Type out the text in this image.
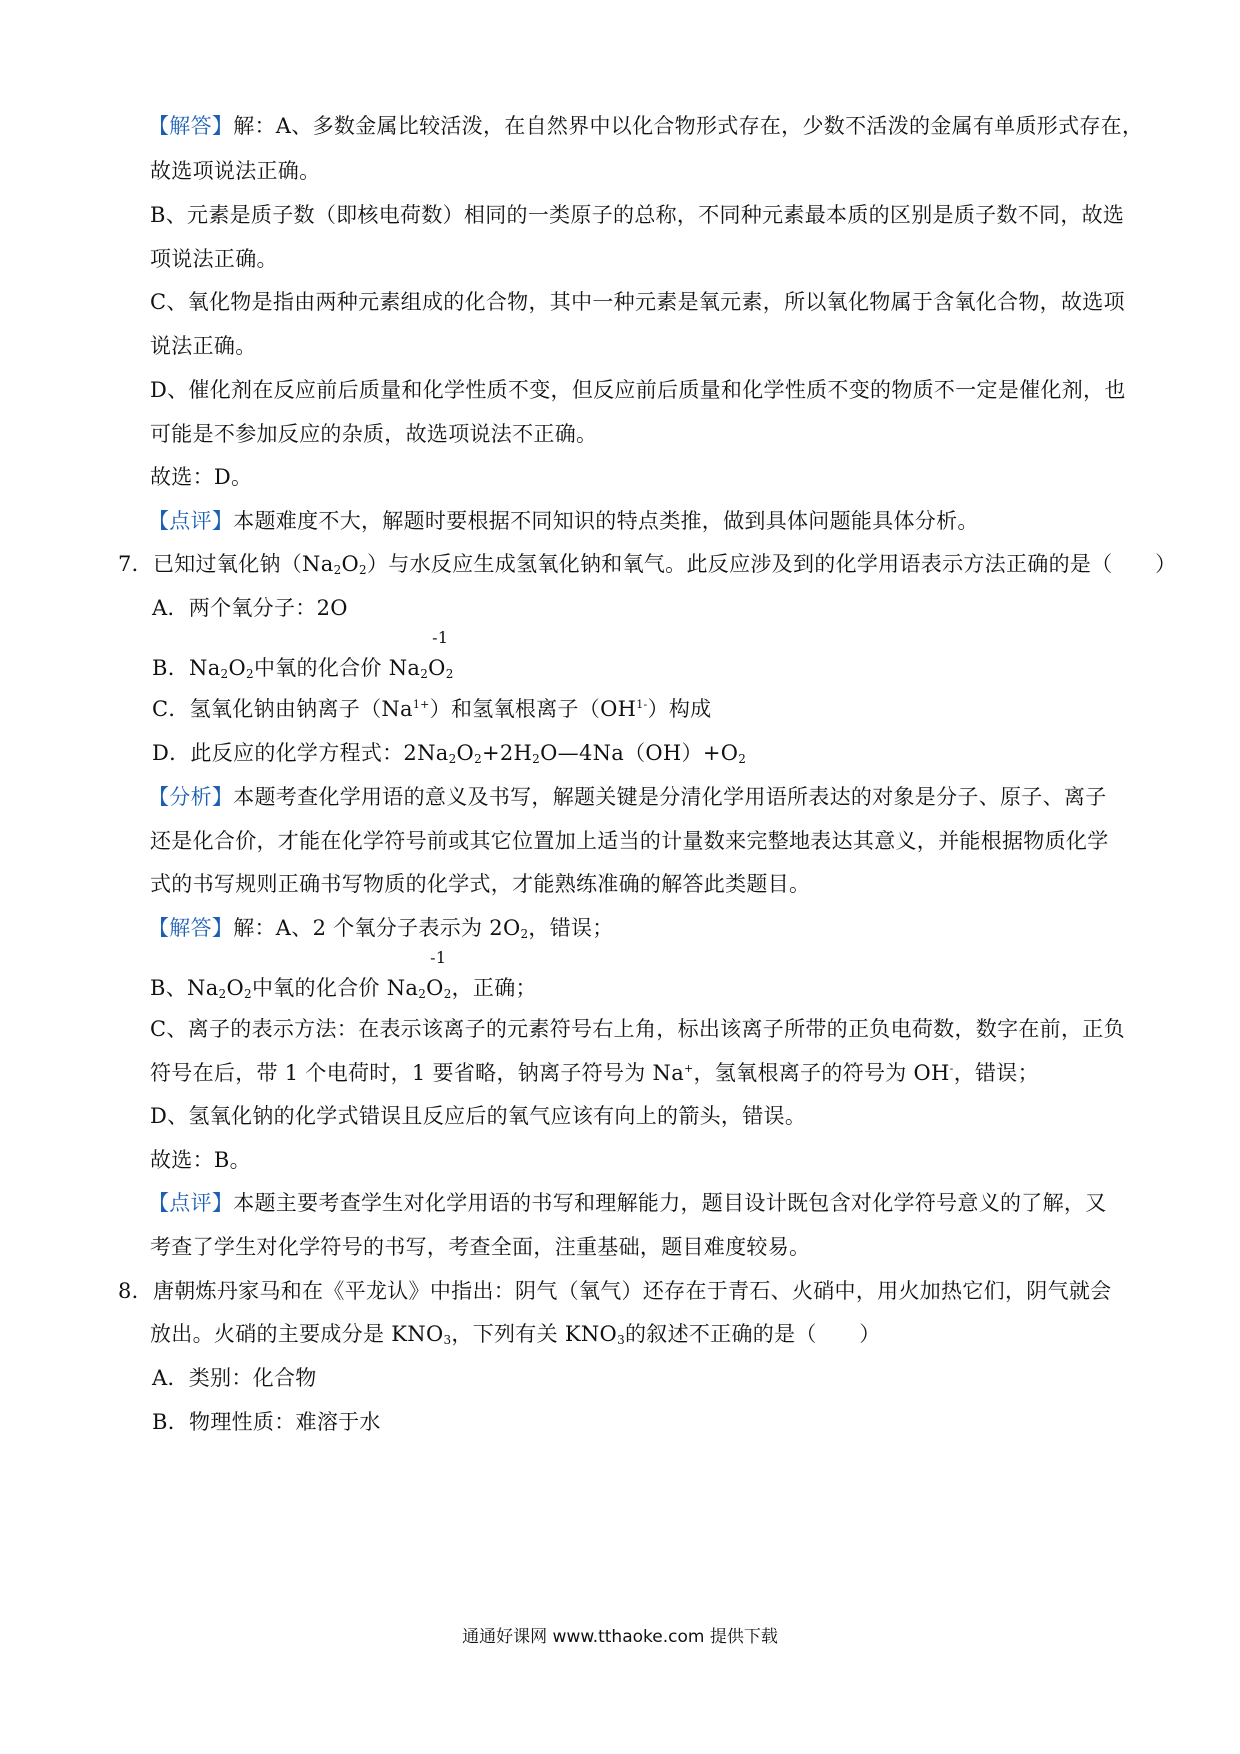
【解答】解：A、多数金属比较活泼，在自然界中以化合物形式存在，少数不活泼的金属有单质形式存在，
故选项说法正确。
B、元素是质子数（即核电荷数）相同的一类原子的总称，不同种元素最本质的区别是质子数不同，故选
项说法正确。
C、氧化物是指由两种元素组成的化合物，其中一种元素是氧元素，所以氧化物属于含氧化合物，故选项
说法正确。
D、催化剂在反应前后质量和化学性质不变，但反应前后质量和化学性质不变的物质不一定是催化剂，也
可能是不参加反应的杂质，故选项说法不正确。
故选：D。
【点评】本题难度不大，解题时要根据不同知识的特点类推，做到具体问题能具体分析。
7．已知过氧化钠$(Na_2O_2)$与水反应生成氢氧化钠和氧气。此反应涉及到的化学用语表示方法正确的是（　　）
A．两个氧分子：2O
B．$Na_2O_2$中氧的化合价 $Na_2$
-1
$O_2$
C．氢氧化钠由钠离子$(Na^{1+})$和氢氧根离子$(OH^{1-})$构成
D．此反应的化学方程式：$2Na_2O_2+2H_2O—4Na(OH)+O_2$
【分析】本题考查化学用语的意义及书写，解题关键是分清化学用语所表达的对象是分子、原子、离子
还是化合价，才能在化学符号前或其它位置加上适当的计量数来完整地表达其意义，并能根据物质化学
式的书写规则正确书写物质的化学式，才能熟练准确的解答此类题目。
【解答】解：A、2 个氧分子表示为 $2O_2$，错误；
B、$Na_2O_2$中氧的化合价 $Na_2$
-1
$O_2$，正确；
C、离子的表示方法：在表示该离子的元素符号右上角，标出该离子所带的正负电荷数，数字在前，正负
符号在后，带 1 个电荷时，1 要省略，钠离子符号为 Na+，氢氧根离子的符号为 OH-，错误；
D、氢氧化钠的化学式错误且反应后的氧气应该有向上的箭头，错误。
故选：B。
【点评】本题主要考查学生对化学用语的书写和理解能力，题目设计既包含对化学符号意义的了解，又
考查了学生对化学符号的书写，考查全面，注重基础，题目难度较易。
8．唐朝炼丹家马和在《平龙认》中指出：阴气（氧气）还存在于青石、火硝中，用火加热它们，阴气就会
放出。火硝的主要成分是 $KNO_3$，下列有关 $KNO_3$的叙述不正确的是（　　）
A．类别：化合物
B．物理性质：难溶于水
通通好课网 www.tthaoke.com 提供下载
